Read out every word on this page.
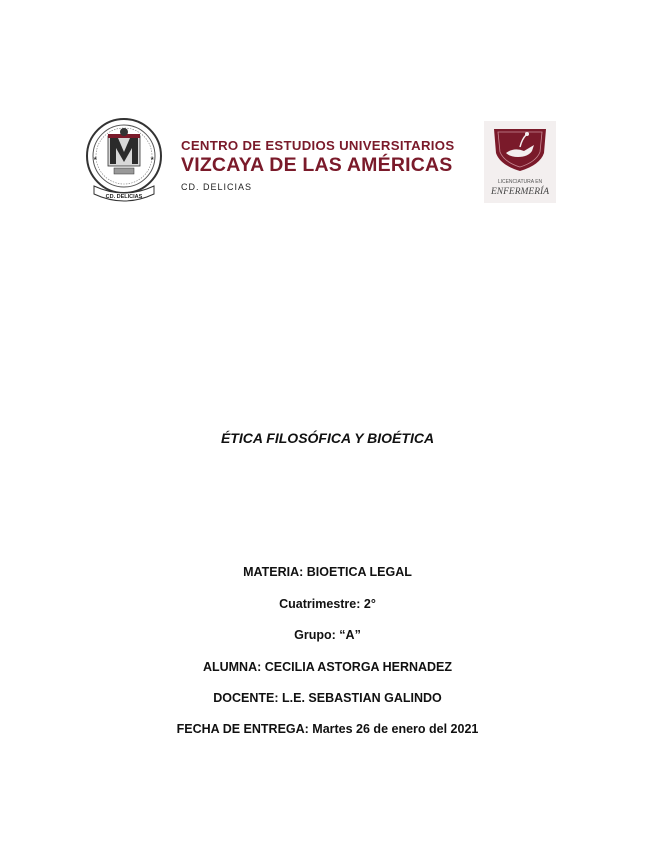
CD. DELICIAS
★	★
CENTRO DE ESTUDIOS UNIVERSITARIOS
VIZCAYA DE LAS AMÉRICAS
CD. DELICIAS	LICENCIATURA EN
ENFERMERÍA
ÉTICA FILOSÓFICA Y BIOÉTICA
MATERIA: BIOETICA LEGAL
Cuatrimestre: 2°
Grupo: “A”
ALUMNA: CECILIA ASTORGA HERNADEZ
DOCENTE: L.E. SEBASTIAN GALINDO
FECHA DE ENTREGA: Martes 26 de enero del 2021
